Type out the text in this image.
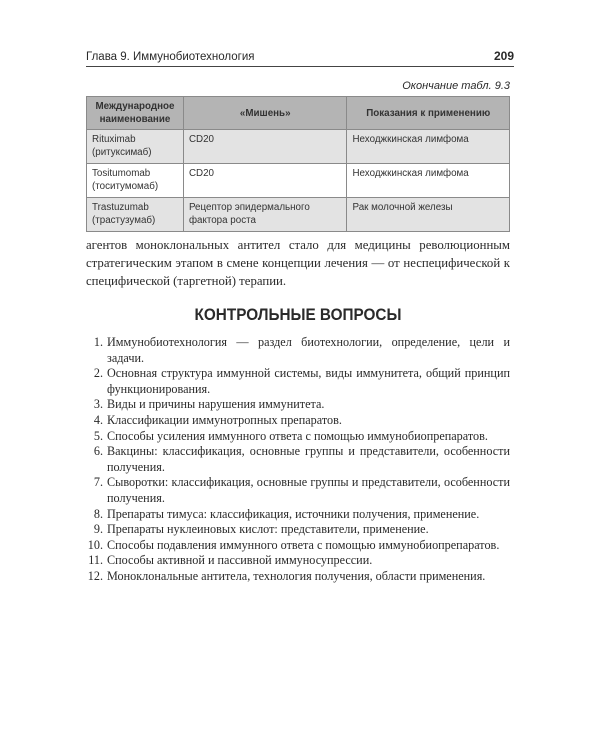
Глава 9. Иммунобиотехнология	209
Окончание табл. 9.3
Международное наименование	«Мишень»	Показания к применению
Rituximab
(ритуксимаб)	CD20	Неходжкинская лимфома
Tositumomab
(тоситумомаб)	CD20	Неходжкинская лимфома
Trastuzumab
(трастузумаб)	Рецептор эпидермального фактора роста	Рак молочной железы

агентов моноклональных антител стало для медицины революционным стратегическим этапом в смене концепции лечения — от неспецифической к специфической (таргетной) терапии.

КОНТРОЛЬНЫЕ ВОПРОСЫ
1. Иммунобиотехнология — раздел биотехнологии, определение, цели и задачи.
2. Основная структура иммунной системы, виды иммунитета, общий принцип функционирования.
3. Виды и причины нарушения иммунитета.
4. Классификации иммунотропных препаратов.
5. Способы усиления иммунного ответа с помощью иммунобиопрепаратов.
6. Вакцины: классификация, основные группы и представители, особенности получения.
7. Сыворотки: классификация, основные группы и представители, особенности получения.
8. Препараты тимуса: классификация, источники получения, применение.
9. Препараты нуклеиновых кислот: представители, применение.
10. Способы подавления иммунного ответа с помощью иммунобиопрепаратов.
11. Способы активной и пассивной иммуносупрессии.
12. Моноклональные антитела, технология получения, области применения.
